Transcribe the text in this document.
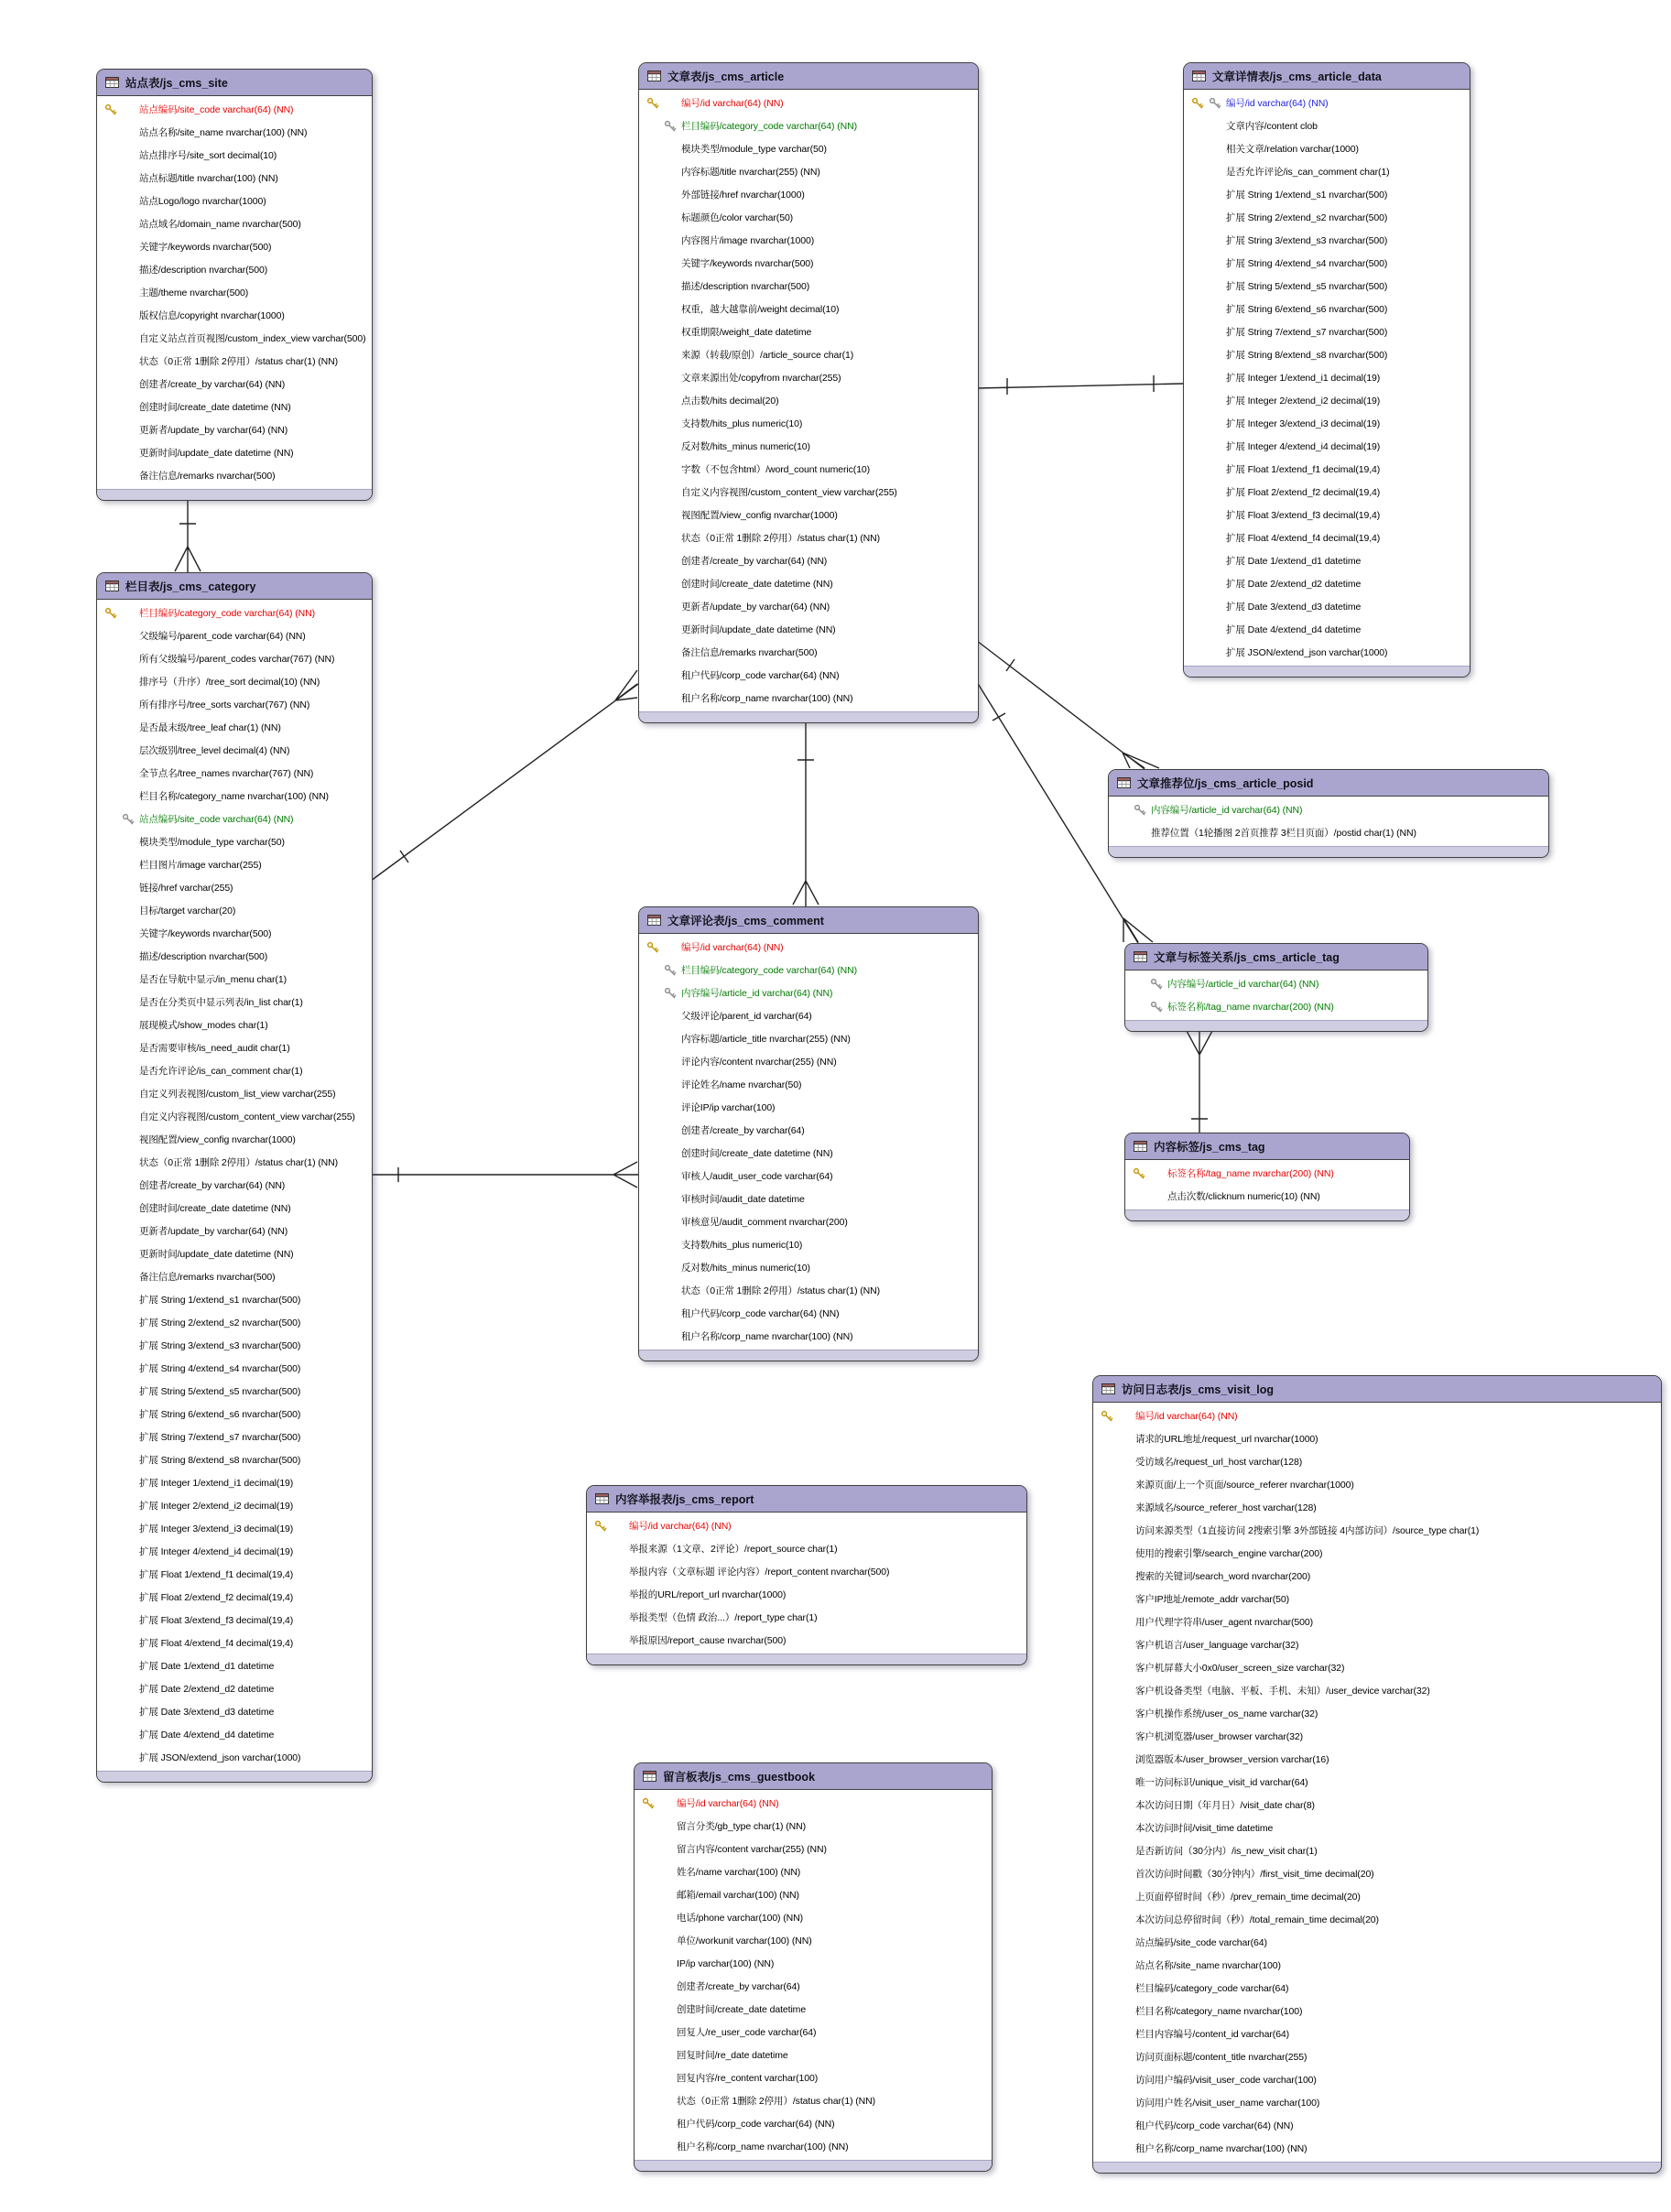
站点表/js_cms_site
站点编码/site_code varchar(64) (NN)
站点名称/site_name nvarchar(100) (NN)
站点排序号/site_sort decimal(10)
站点标题/title nvarchar(100) (NN)
站点Logo/logo nvarchar(1000)
站点域名/domain_name nvarchar(500)
关键字/keywords nvarchar(500)
描述/description nvarchar(500)
主题/theme nvarchar(500)
版权信息/copyright nvarchar(1000)
自定义站点首页视图/custom_index_view varchar(500)
状态（0正常 1删除 2停用）/status char(1) (NN)
创建者/create_by varchar(64) (NN)
创建时间/create_date datetime (NN)
更新者/update_by varchar(64) (NN)
更新时间/update_date datetime (NN)
备注信息/remarks nvarchar(500)
栏目表/js_cms_category
栏目编码/category_code varchar(64) (NN)
父级编号/parent_code varchar(64) (NN)
所有父级编号/parent_codes varchar(767) (NN)
排序号（升序）/tree_sort decimal(10) (NN)
所有排序号/tree_sorts varchar(767) (NN)
是否最末级/tree_leaf char(1) (NN)
层次级别/tree_level decimal(4) (NN)
全节点名/tree_names nvarchar(767) (NN)
栏目名称/category_name nvarchar(100) (NN)
站点编码/site_code varchar(64) (NN)
模块类型/module_type varchar(50)
栏目图片/image varchar(255)
链接/href varchar(255)
目标/target varchar(20)
关键字/keywords nvarchar(500)
描述/description nvarchar(500)
是否在导航中显示/in_menu char(1)
是否在分类页中显示列表/in_list char(1)
展现模式/show_modes char(1)
是否需要审核/is_need_audit char(1)
是否允许评论/is_can_comment char(1)
自定义列表视图/custom_list_view varchar(255)
自定义内容视图/custom_content_view varchar(255)
视图配置/view_config nvarchar(1000)
状态（0正常 1删除 2停用）/status char(1) (NN)
创建者/create_by varchar(64) (NN)
创建时间/create_date datetime (NN)
更新者/update_by varchar(64) (NN)
更新时间/update_date datetime (NN)
备注信息/remarks nvarchar(500)
扩展 String 1/extend_s1 nvarchar(500)
扩展 String 2/extend_s2 nvarchar(500)
扩展 String 3/extend_s3 nvarchar(500)
扩展 String 4/extend_s4 nvarchar(500)
扩展 String 5/extend_s5 nvarchar(500)
扩展 String 6/extend_s6 nvarchar(500)
扩展 String 7/extend_s7 nvarchar(500)
扩展 String 8/extend_s8 nvarchar(500)
扩展 Integer 1/extend_i1 decimal(19)
扩展 Integer 2/extend_i2 decimal(19)
扩展 Integer 3/extend_i3 decimal(19)
扩展 Integer 4/extend_i4 decimal(19)
扩展 Float 1/extend_f1 decimal(19,4)
扩展 Float 2/extend_f2 decimal(19,4)
扩展 Float 3/extend_f3 decimal(19,4)
扩展 Float 4/extend_f4 decimal(19,4)
扩展 Date 1/extend_d1 datetime
扩展 Date 2/extend_d2 datetime
扩展 Date 3/extend_d3 datetime
扩展 Date 4/extend_d4 datetime
扩展 JSON/extend_json varchar(1000)
文章表/js_cms_article
编号/id varchar(64) (NN)
栏目编码/category_code varchar(64) (NN)
模块类型/module_type varchar(50)
内容标题/title nvarchar(255) (NN)
外部链接/href nvarchar(1000)
标题颜色/color varchar(50)
内容图片/image nvarchar(1000)
关键字/keywords nvarchar(500)
描述/description nvarchar(500)
权重，越大越靠前/weight decimal(10)
权重期限/weight_date datetime
来源（转载/原创）/article_source char(1)
文章来源出处/copyfrom nvarchar(255)
点击数/hits decimal(20)
支持数/hits_plus numeric(10)
反对数/hits_minus numeric(10)
字数（不包含html）/word_count numeric(10)
自定义内容视图/custom_content_view varchar(255)
视图配置/view_config nvarchar(1000)
状态（0正常 1删除 2停用）/status char(1) (NN)
创建者/create_by varchar(64) (NN)
创建时间/create_date datetime (NN)
更新者/update_by varchar(64) (NN)
更新时间/update_date datetime (NN)
备注信息/remarks nvarchar(500)
租户代码/corp_code varchar(64) (NN)
租户名称/corp_name nvarchar(100) (NN)
文章详情表/js_cms_article_data
编号/id varchar(64) (NN)
文章内容/content clob
相关文章/relation varchar(1000)
是否允许评论/is_can_comment char(1)
扩展 String 1/extend_s1 nvarchar(500)
扩展 String 2/extend_s2 nvarchar(500)
扩展 String 3/extend_s3 nvarchar(500)
扩展 String 4/extend_s4 nvarchar(500)
扩展 String 5/extend_s5 nvarchar(500)
扩展 String 6/extend_s6 nvarchar(500)
扩展 String 7/extend_s7 nvarchar(500)
扩展 String 8/extend_s8 nvarchar(500)
扩展 Integer 1/extend_i1 decimal(19)
扩展 Integer 2/extend_i2 decimal(19)
扩展 Integer 3/extend_i3 decimal(19)
扩展 Integer 4/extend_i4 decimal(19)
扩展 Float 1/extend_f1 decimal(19,4)
扩展 Float 2/extend_f2 decimal(19,4)
扩展 Float 3/extend_f3 decimal(19,4)
扩展 Float 4/extend_f4 decimal(19,4)
扩展 Date 1/extend_d1 datetime
扩展 Date 2/extend_d2 datetime
扩展 Date 3/extend_d3 datetime
扩展 Date 4/extend_d4 datetime
扩展 JSON/extend_json varchar(1000)
文章推荐位/js_cms_article_posid
内容编号/article_id varchar(64) (NN)
推荐位置（1轮播图 2首页推荐 3栏目页面）/postid char(1) (NN)
文章与标签关系/js_cms_article_tag
内容编号/article_id varchar(64) (NN)
标签名称/tag_name nvarchar(200) (NN)
内容标签/js_cms_tag
标签名称/tag_name nvarchar(200) (NN)
点击次数/clicknum numeric(10) (NN)
文章评论表/js_cms_comment
编号/id varchar(64) (NN)
栏目编码/category_code varchar(64) (NN)
内容编号/article_id varchar(64) (NN)
父级评论/parent_id varchar(64)
内容标题/article_title nvarchar(255) (NN)
评论内容/content nvarchar(255) (NN)
评论姓名/name nvarchar(50)
评论IP/ip varchar(100)
创建者/create_by varchar(64)
创建时间/create_date datetime (NN)
审核人/audit_user_code varchar(64)
审核时间/audit_date datetime
审核意见/audit_comment nvarchar(200)
支持数/hits_plus numeric(10)
反对数/hits_minus numeric(10)
状态（0正常 1删除 2停用）/status char(1) (NN)
租户代码/corp_code varchar(64) (NN)
租户名称/corp_name nvarchar(100) (NN)
内容举报表/js_cms_report
编号/id varchar(64) (NN)
举报来源（1文章、2评论）/report_source char(1)
举报内容（文章标题 评论内容）/report_content nvarchar(500)
举报的URL/report_url nvarchar(1000)
举报类型（色情 政治...）/report_type char(1)
举报原因/report_cause nvarchar(500)
留言板表/js_cms_guestbook
编号/id varchar(64) (NN)
留言分类/gb_type char(1) (NN)
留言内容/content varchar(255) (NN)
姓名/name varchar(100) (NN)
邮箱/email varchar(100) (NN)
电话/phone varchar(100) (NN)
单位/workunit varchar(100) (NN)
IP/ip varchar(100) (NN)
创建者/create_by varchar(64)
创建时间/create_date datetime
回复人/re_user_code varchar(64)
回复时间/re_date datetime
回复内容/re_content varchar(100)
状态（0正常 1删除 2停用）/status char(1) (NN)
租户代码/corp_code varchar(64) (NN)
租户名称/corp_name nvarchar(100) (NN)
访问日志表/js_cms_visit_log
编号/id varchar(64) (NN)
请求的URL地址/request_url nvarchar(1000)
受访域名/request_url_host varchar(128)
来源页面/上一个页面/source_referer nvarchar(1000)
来源域名/source_referer_host varchar(128)
访问来源类型（1直接访问 2搜索引擎 3外部链接 4内部访问）/source_type char(1)
使用的搜索引擎/search_engine varchar(200)
搜索的关键词/search_word nvarchar(200)
客户IP地址/remote_addr varchar(50)
用户代理字符串/user_agent nvarchar(500)
客户机语言/user_language varchar(32)
客户机屏幕大小0x0/user_screen_size varchar(32)
客户机设备类型（电脑、平板、手机、未知）/user_device varchar(32)
客户机操作系统/user_os_name varchar(32)
客户机浏览器/user_browser varchar(32)
浏览器版本/user_browser_version varchar(16)
唯一访问标识/unique_visit_id varchar(64)
本次访问日期（年月日）/visit_date char(8)
本次访问时间/visit_time datetime
是否新访问（30分内）/is_new_visit char(1)
首次访问时间戳（30分钟内）/first_visit_time decimal(20)
上页面停留时间（秒）/prev_remain_time decimal(20)
本次访问总停留时间（秒）/total_remain_time decimal(20)
站点编码/site_code varchar(64)
站点名称/site_name nvarchar(100)
栏目编码/category_code varchar(64)
栏目名称/category_name nvarchar(100)
栏目内容编号/content_id varchar(64)
访问页面标题/content_title nvarchar(255)
访问用户编码/visit_user_code varchar(100)
访问用户姓名/visit_user_name varchar(100)
租户代码/corp_code varchar(64) (NN)
租户名称/corp_name nvarchar(100) (NN)
